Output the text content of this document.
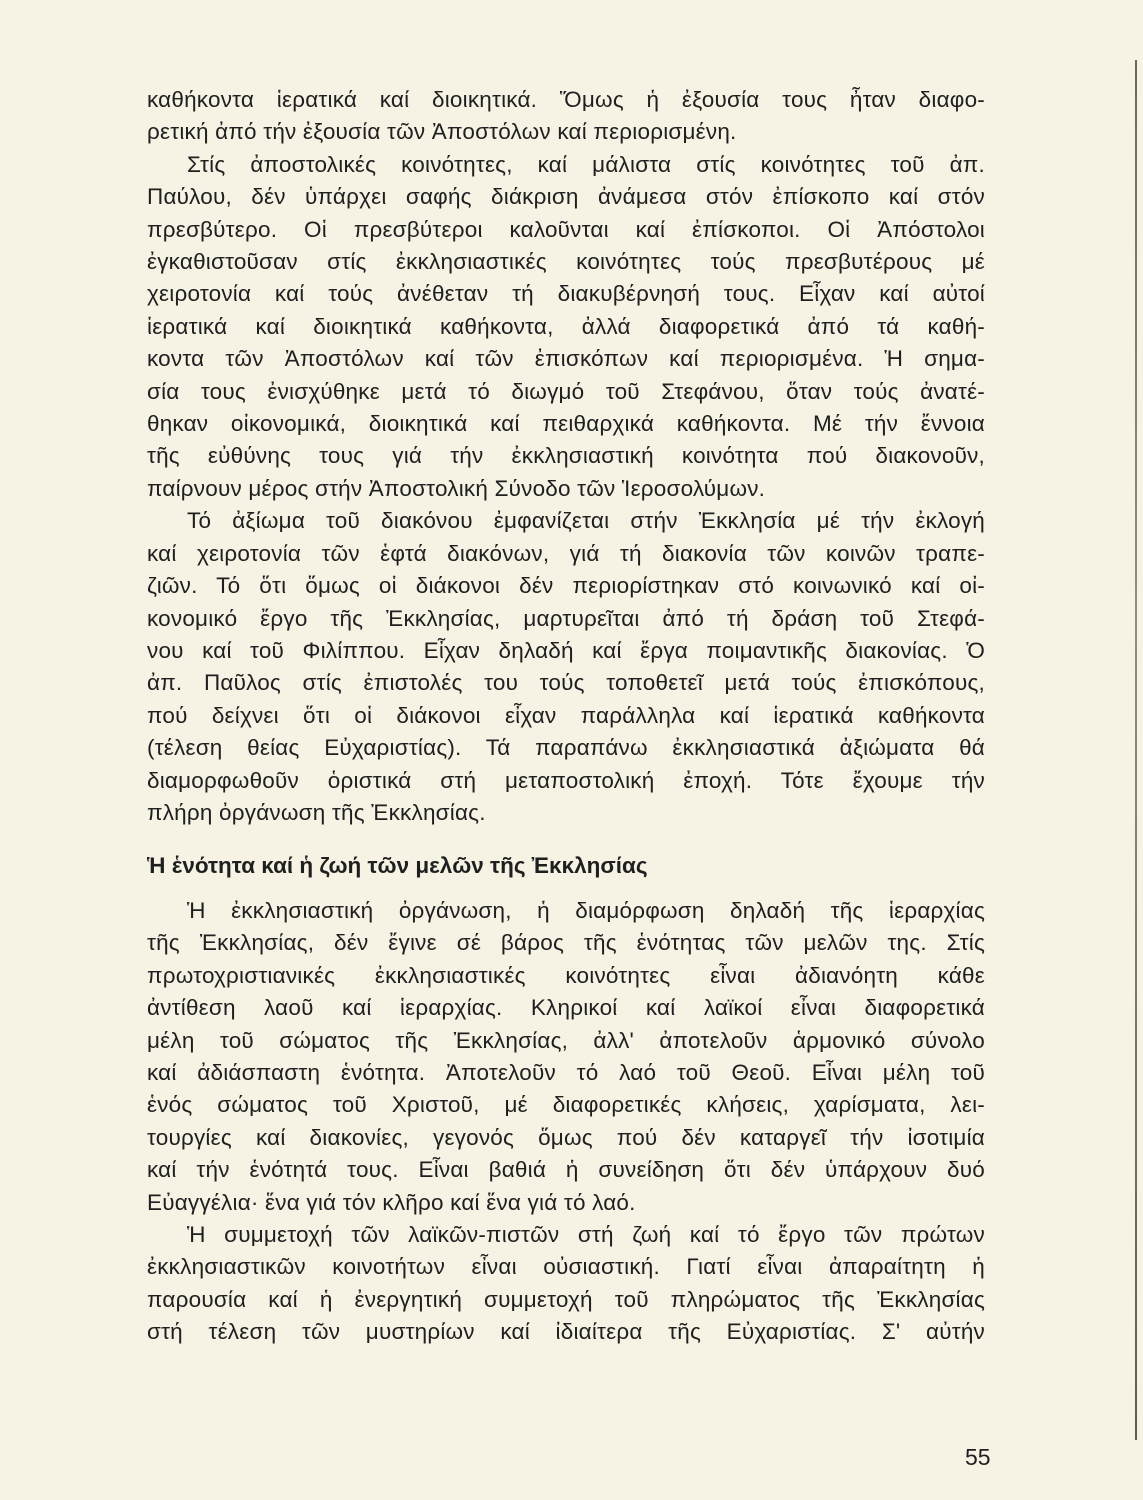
καθήκοντα ἱερατικά καί διοικητικά. Ὅμως ἡ ἐξουσία τους ἦταν διαφο-

ρετική ἀπό τήν ἐξουσία τῶν Ἀποστόλων καί περιορισμένη.

Στίς ἀποστολικές κοινότητες, καί μάλιστα στίς κοινότητες τοῦ ἀπ.

Παύλου, δέν ὑπάρχει σαφής διάκριση ἀνάμεσα στόν ἐπίσκοπο καί στόν

πρεσβύτερο. Οἱ πρεσβύτεροι καλοῦνται καί ἐπίσκοποι. Οἱ Ἀπόστολοι

ἐγκαθιστοῦσαν στίς ἐκκλησιαστικές κοινότητες τούς πρεσβυτέρους μέ

χειροτονία καί τούς ἀνέθεταν τή διακυβέρνησή τους. Εἶχαν καί αὐτοί

ἱερατικά καί διοικητικά καθήκοντα, ἀλλά διαφορετικά ἀπό τά καθή-

κοντα τῶν Ἀποστόλων καί τῶν ἐπισκόπων καί περιορισμένα. Ἡ σημα-

σία τους ἐνισχύθηκε μετά τό διωγμό τοῦ Στεφάνου, ὅταν τούς ἀνατέ-

θηκαν οἰκονομικά, διοικητικά καί πειθαρχικά καθήκοντα. Μέ τήν ἔννοια

τῆς εὐθύνης τους γιά τήν ἐκκλησιαστική κοινότητα πού διακονοῦν,

παίρνουν μέρος στήν Ἀποστολική Σύνοδο τῶν Ἱεροσολύμων.

Τό ἀξίωμα τοῦ διακόνου ἐμφανίζεται στήν Ἐκκλησία μέ τήν ἐκλογή

καί χειροτονία τῶν ἑφτά διακόνων, γιά τή διακονία τῶν κοινῶν τραπε-

ζιῶν. Τό ὅτι ὅμως οἱ διάκονοι δέν περιορίστηκαν στό κοινωνικό καί οἰ-

κονομικό ἔργο τῆς Ἐκκλησίας, μαρτυρεῖται ἀπό τή δράση τοῦ Στεφά-

νου καί τοῦ Φιλίππου. Εἶχαν δηλαδή καί ἔργα ποιμαντικῆς διακονίας. Ὁ

ἀπ. Παῦλος στίς ἐπιστολές του τούς τοποθετεῖ μετά τούς ἐπισκόπους,

πού δείχνει ὅτι οἱ διάκονοι εἶχαν παράλληλα καί ἱερατικά καθήκοντα

(τέλεση θείας Εὐχαριστίας). Τά παραπάνω ἐκκλησιαστικά ἀξιώματα θά

διαμορφωθοῦν ὁριστικά στή μεταποστολική ἐποχή. Τότε ἔχουμε τήν

πλήρη ὀργάνωση τῆς Ἐκκλησίας.

Ἡ ἑνότητα καί ἡ ζωή τῶν μελῶν τῆς Ἐκκλησίας

Ἡ ἐκκλησιαστική ὀργάνωση, ἡ διαμόρφωση δηλαδή τῆς ἱεραρχίας

τῆς Ἐκκλησίας, δέν ἔγινε σέ βάρος τῆς ἑνότητας τῶν μελῶν της. Στίς

πρωτοχριστιανικές ἐκκλησιαστικές κοινότητες εἶναι ἀδιανόητη κάθε

ἀντίθεση λαοῦ καί ἱεραρχίας. Κληρικοί καί λαϊκοί εἶναι διαφορετικά

μέλη τοῦ σώματος τῆς Ἐκκλησίας, ἀλλ' ἀποτελοῦν ἁρμονικό σύνολο

καί ἀδιάσπαστη ἑνότητα. Ἀποτελοῦν τό λαό τοῦ Θεοῦ. Εἶναι μέλη τοῦ

ἑνός σώματος τοῦ Χριστοῦ, μέ διαφορετικές κλήσεις, χαρίσματα, λει-

τουργίες καί διακονίες, γεγονός ὅμως πού δέν καταργεῖ τήν ἰσοτιμία

καί τήν ἑνότητά τους. Εἶναι βαθιά ἡ συνείδηση ὅτι δέν ὑπάρχουν δυό

Εὐαγγέλια· ἕνα γιά τόν κλῆρο καί ἕνα γιά τό λαό.

Ἡ συμμετοχή τῶν λαϊκῶν-πιστῶν στή ζωή καί τό ἔργο τῶν πρώτων

ἐκκλησιαστικῶν κοινοτήτων εἶναι οὐσιαστική. Γιατί εἶναι ἀπαραίτητη ἡ

παρουσία καί ἡ ἐνεργητική συμμετοχή τοῦ πληρώματος τῆς Ἐκκλησίας

στή τέλεση τῶν μυστηρίων καί ἰδιαίτερα τῆς Εὐχαριστίας. Σ' αὐτήν

55
